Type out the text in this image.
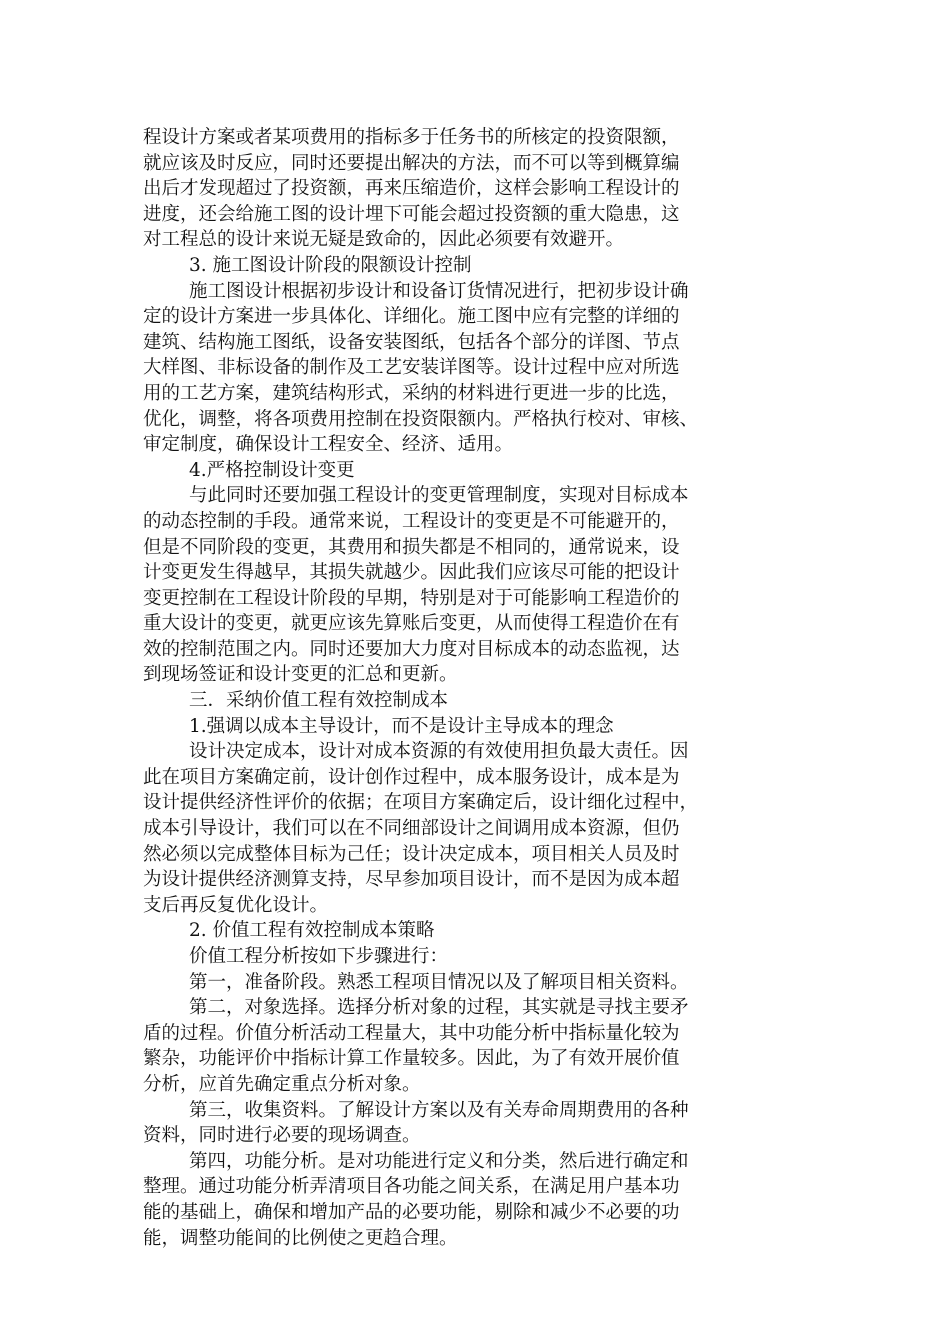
程设计方案或者某项费用的指标多于任务书的所核定的投资限额，
就应该及时反应，同时还要提出解决的方法，而不可以等到概算编
出后才发现超过了投资额，再来压缩造价，这样会影响工程设计的
进度，还会给施工图的设计埋下可能会超过投资额的重大隐患，这
对工程总的设计来说无疑是致命的，因此必须要有效避开。
3. 施工图设计阶段的限额设计控制
施工图设计根据初步设计和设备订货情况进行，把初步设计确
定的设计方案进一步具体化、详细化。施工图中应有完整的详细的
建筑、结构施工图纸，设备安装图纸，包括各个部分的详图、节点
大样图、非标设备的制作及工艺安装详图等。设计过程中应对所选
用的工艺方案，建筑结构形式，采纳的材料进行更进一步的比选，
优化，调整，将各项费用控制在投资限额内。严格执行校对、审核、
审定制度，确保设计工程安全、经济、适用。
4.严格控制设计变更
与此同时还要加强工程设计的变更管理制度，实现对目标成本
的动态控制的手段。通常来说，工程设计的变更是不可能避开的，
但是不同阶段的变更，其费用和损失都是不相同的，通常说来，设
计变更发生得越早，其损失就越少。因此我们应该尽可能的把设计
变更控制在工程设计阶段的早期，特别是对于可能影响工程造价的
重大设计的变更，就更应该先算账后变更，从而使得工程造价在有
效的控制范围之内。同时还要加大力度对目标成本的动态监视，达
到现场签证和设计变更的汇总和更新。
三．采纳价值工程有效控制成本
1.强调以成本主导设计，而不是设计主导成本的理念
设计决定成本，设计对成本资源的有效使用担负最大责任。因
此在项目方案确定前，设计创作过程中，成本服务设计，成本是为
设计提供经济性评价的依据；在项目方案确定后，设计细化过程中，
成本引导设计，我们可以在不同细部设计之间调用成本资源，但仍
然必须以完成整体目标为己任；设计决定成本，项目相关人员及时
为设计提供经济测算支持，尽早参加项目设计，而不是因为成本超
支后再反复优化设计。
2. 价值工程有效控制成本策略
价值工程分析按如下步骤进行：
第一，准备阶段。熟悉工程项目情况以及了解项目相关资料。
第二，对象选择。选择分析对象的过程，其实就是寻找主要矛
盾的过程。价值分析活动工程量大，其中功能分析中指标量化较为
繁杂，功能评价中指标计算工作量较多。因此，为了有效开展价值
分析，应首先确定重点分析对象。
第三，收集资料。了解设计方案以及有关寿命周期费用的各种
资料，同时进行必要的现场调查。
第四，功能分析。是对功能进行定义和分类，然后进行确定和
整理。通过功能分析弄清项目各功能之间关系，在满足用户基本功
能的基础上，确保和增加产品的必要功能，剔除和减少不必要的功
能，调整功能间的比例使之更趋合理。
